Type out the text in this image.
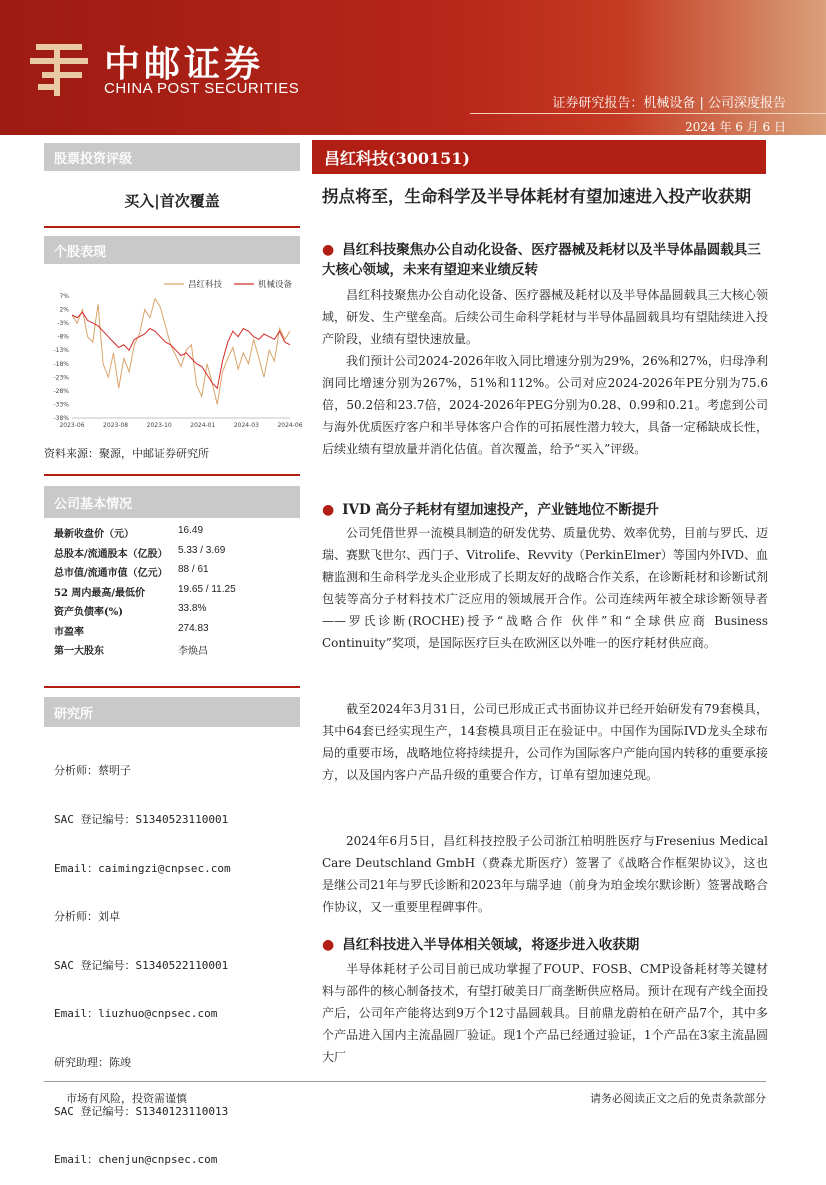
中邮证券
CHINA POST SECURITIES
证券研究报告：机械设备 | 公司深度报告
2024 年 6 月 6 日
股票投资评级
买入|首次覆盖
个股表现
昌红科技	机械设备
7%
2%
-3%
-8%
-13%
-18%
-23%
-28%
-33%
-38%
2023-06	2023-08	2023-10	2024-01	2024-03	2024-06
资料来源：聚源，中邮证券研究所
公司基本情况
最新收盘价（元）	16.49
总股本/流通股本（亿股） 5.33 / 3.69
总市值/流通市值（亿元） 88 / 61
52 周内最高/最低价	19.65 / 11.25
资产负债率(%)	33.8%
市盈率	274.83
第一大股东	李焕昌
研究所

分析师：蔡明子

SAC 登记编号：S1340523110001

Email：caimingzi@cnpsec.com

分析师：刘卓

SAC 登记编号：S1340522110001

Email：liuzhuo@cnpsec.com

研究助理：陈竣

SAC 登记编号：S1340123110013

Email：chenjun@cnpsec.com

昌红科技(300151)
拐点将至，生命科学及半导体耗材有望加速进入投产收获期
● 昌红科技聚焦办公自动化设备、医疗器械及耗材以及半导体晶圆载具三大核心领域，未来有望迎来业绩反转
昌红科技聚焦办公自动化设备、医疗器械及耗材以及半导体晶圆载具三大核心领域，研发、生产壁垒高。后续公司生命科学耗材与半导体晶圆载具均有望陆续进入投产阶段，业绩有望快速放量。
我们预计公司2024-2026年收入同比增速分别为29%，26%和27%，归母净利润同比增速分别为267%，51%和112%。公司对应2024-2026年PE分别为75.6倍，50.2倍和23.7倍，2024-2026年PEG分别为0.28、0.99和0.21。考虑到公司与海外优质医疗客户和半导体客户合作的可拓展性潜力较大，具备一定稀缺成长性，后续业绩有望放量并消化估值。首次覆盖，给予“买入”评级。
● IVD 高分子耗材有望加速投产，产业链地位不断提升
公司凭借世界一流模具制造的研发优势、质量优势、效率优势，目前与罗氏、迈瑞、赛默飞世尔、西门子、Vitrolife、Revvity（PerkinElmer）等国内外IVD、血糖监测和生命科学龙头企业形成了长期友好的战略合作关系，在诊断耗材和诊断试剂包装等高分子材料技术广泛应用的领域展开合作。公司连续两年被全球诊断领导者——罗氏诊断(ROCHE)授予“战略合作 伙伴”和“全球供应商 Business Continuity”奖项，是国际医疗巨头在欧洲区以外唯一的医疗耗材供应商。
截至2024年3月31日，公司已形成正式书面协议并已经开始研发有79套模具，其中64套已经实现生产，14套模具项目正在验证中。中国作为国际IVD龙头全球布局的重要市场，战略地位将持续提升，公司作为国际客户产能向国内转移的重要承接方，以及国内客户产品升级的重要合作方，订单有望加速兑现。
2024年6月5日，昌红科技控股子公司浙江柏明胜医疗与Fresenius Medical Care Deutschland GmbH（费森尤斯医疗）签署了《战略合作框架协议》，这也是继公司21年与罗氏诊断和2023年与瑞孚迪（前身为珀金埃尔默诊断）签署战略合作协议，又一重要里程碑事件。
● 昌红科技进入半导体相关领域，将逐步进入收获期
半导体耗材子公司目前已成功掌握了FOUP、FOSB、CMP设备耗材等关键材料与部件的核心制备技术，有望打破美日厂商垄断供应格局。预计在现有产线全面投产后，公司年产能将达到9万个12寸晶圆载具。目前鼎龙蔚柏在研产品7个，其中多个产品进入国内主流晶圆厂验证。现1个产品已经通过验证，1个产品在3家主流晶圆大厂
市场有风险，投资需谨慎	请务必阅读正文之后的免责条款部分
